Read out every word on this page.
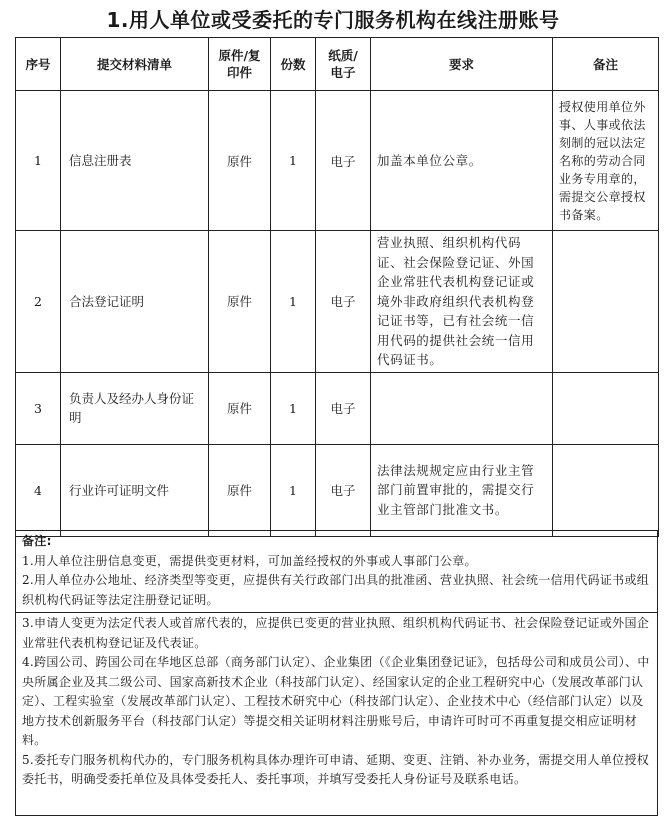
1.用人单位或受委托的专门服务机构在线注册账号
序号	提交材料清单	原件/复印件	份数	纸质/电子	要求	备注
1	信息注册表	原件	1	电子	加盖本单位公章。	授权使用单位外事、人事或依法刻制的冠以法定名称的劳动合同业务专用章的，需提交公章授权书备案。
2	合法登记证明	原件	1	电子	营业执照、组织机构代码证、社会保险登记证、外国企业常驻代表机构登记证或境外非政府组织代表机构登记证书等，已有社会统一信用代码的提供社会统一信用代码证书。	
3	负责人及经办人身份证明	原件	1	电子		
4	行业许可证明文件	原件	1	电子	法律法规规定应由行业主管部门前置审批的，需提交行业主管部门批准文书。	

备注:

1.用人单位注册信息变更，需提供变更材料，可加盖经授权的外事或人事部门公章。

2.用人单位办公地址、经济类型等变更，应提供有关行政部门出具的批准函、营业执照、社会统一信用代码证书或组织机构代码证等法定注册登记证明。

3.申请人变更为法定代表人或首席代表的，应提供已变更的营业执照、组织机构代码证书、社会保险登记证或外国企业常驻代表机构登记证及代表证。

4.跨国公司、跨国公司在华地区总部（商务部门认定）、企业集团（《企业集团登记证》，包括母公司和成员公司）、中央所属企业及其二级公司、国家高新技术企业（科技部门认定）、经国家认定的企业工程研究中心（发展改革部门认定）、工程实验室（发展改革部门认定）、工程技术研究中心（科技部门认定）、企业技术中心（经信部门认定）以及地方技术创新服务平台（科技部门认定）等提交相关证明材料注册账号后，申请许可时可不再重复提交相应证明材料。

5.委托专门服务机构代办的，专门服务机构具体办理许可申请、延期、变更、注销、补办业务，需提交用人单位授权委托书，明确受委托单位及具体受委托人、委托事项，并填写受委托人身份证号及联系电话。
